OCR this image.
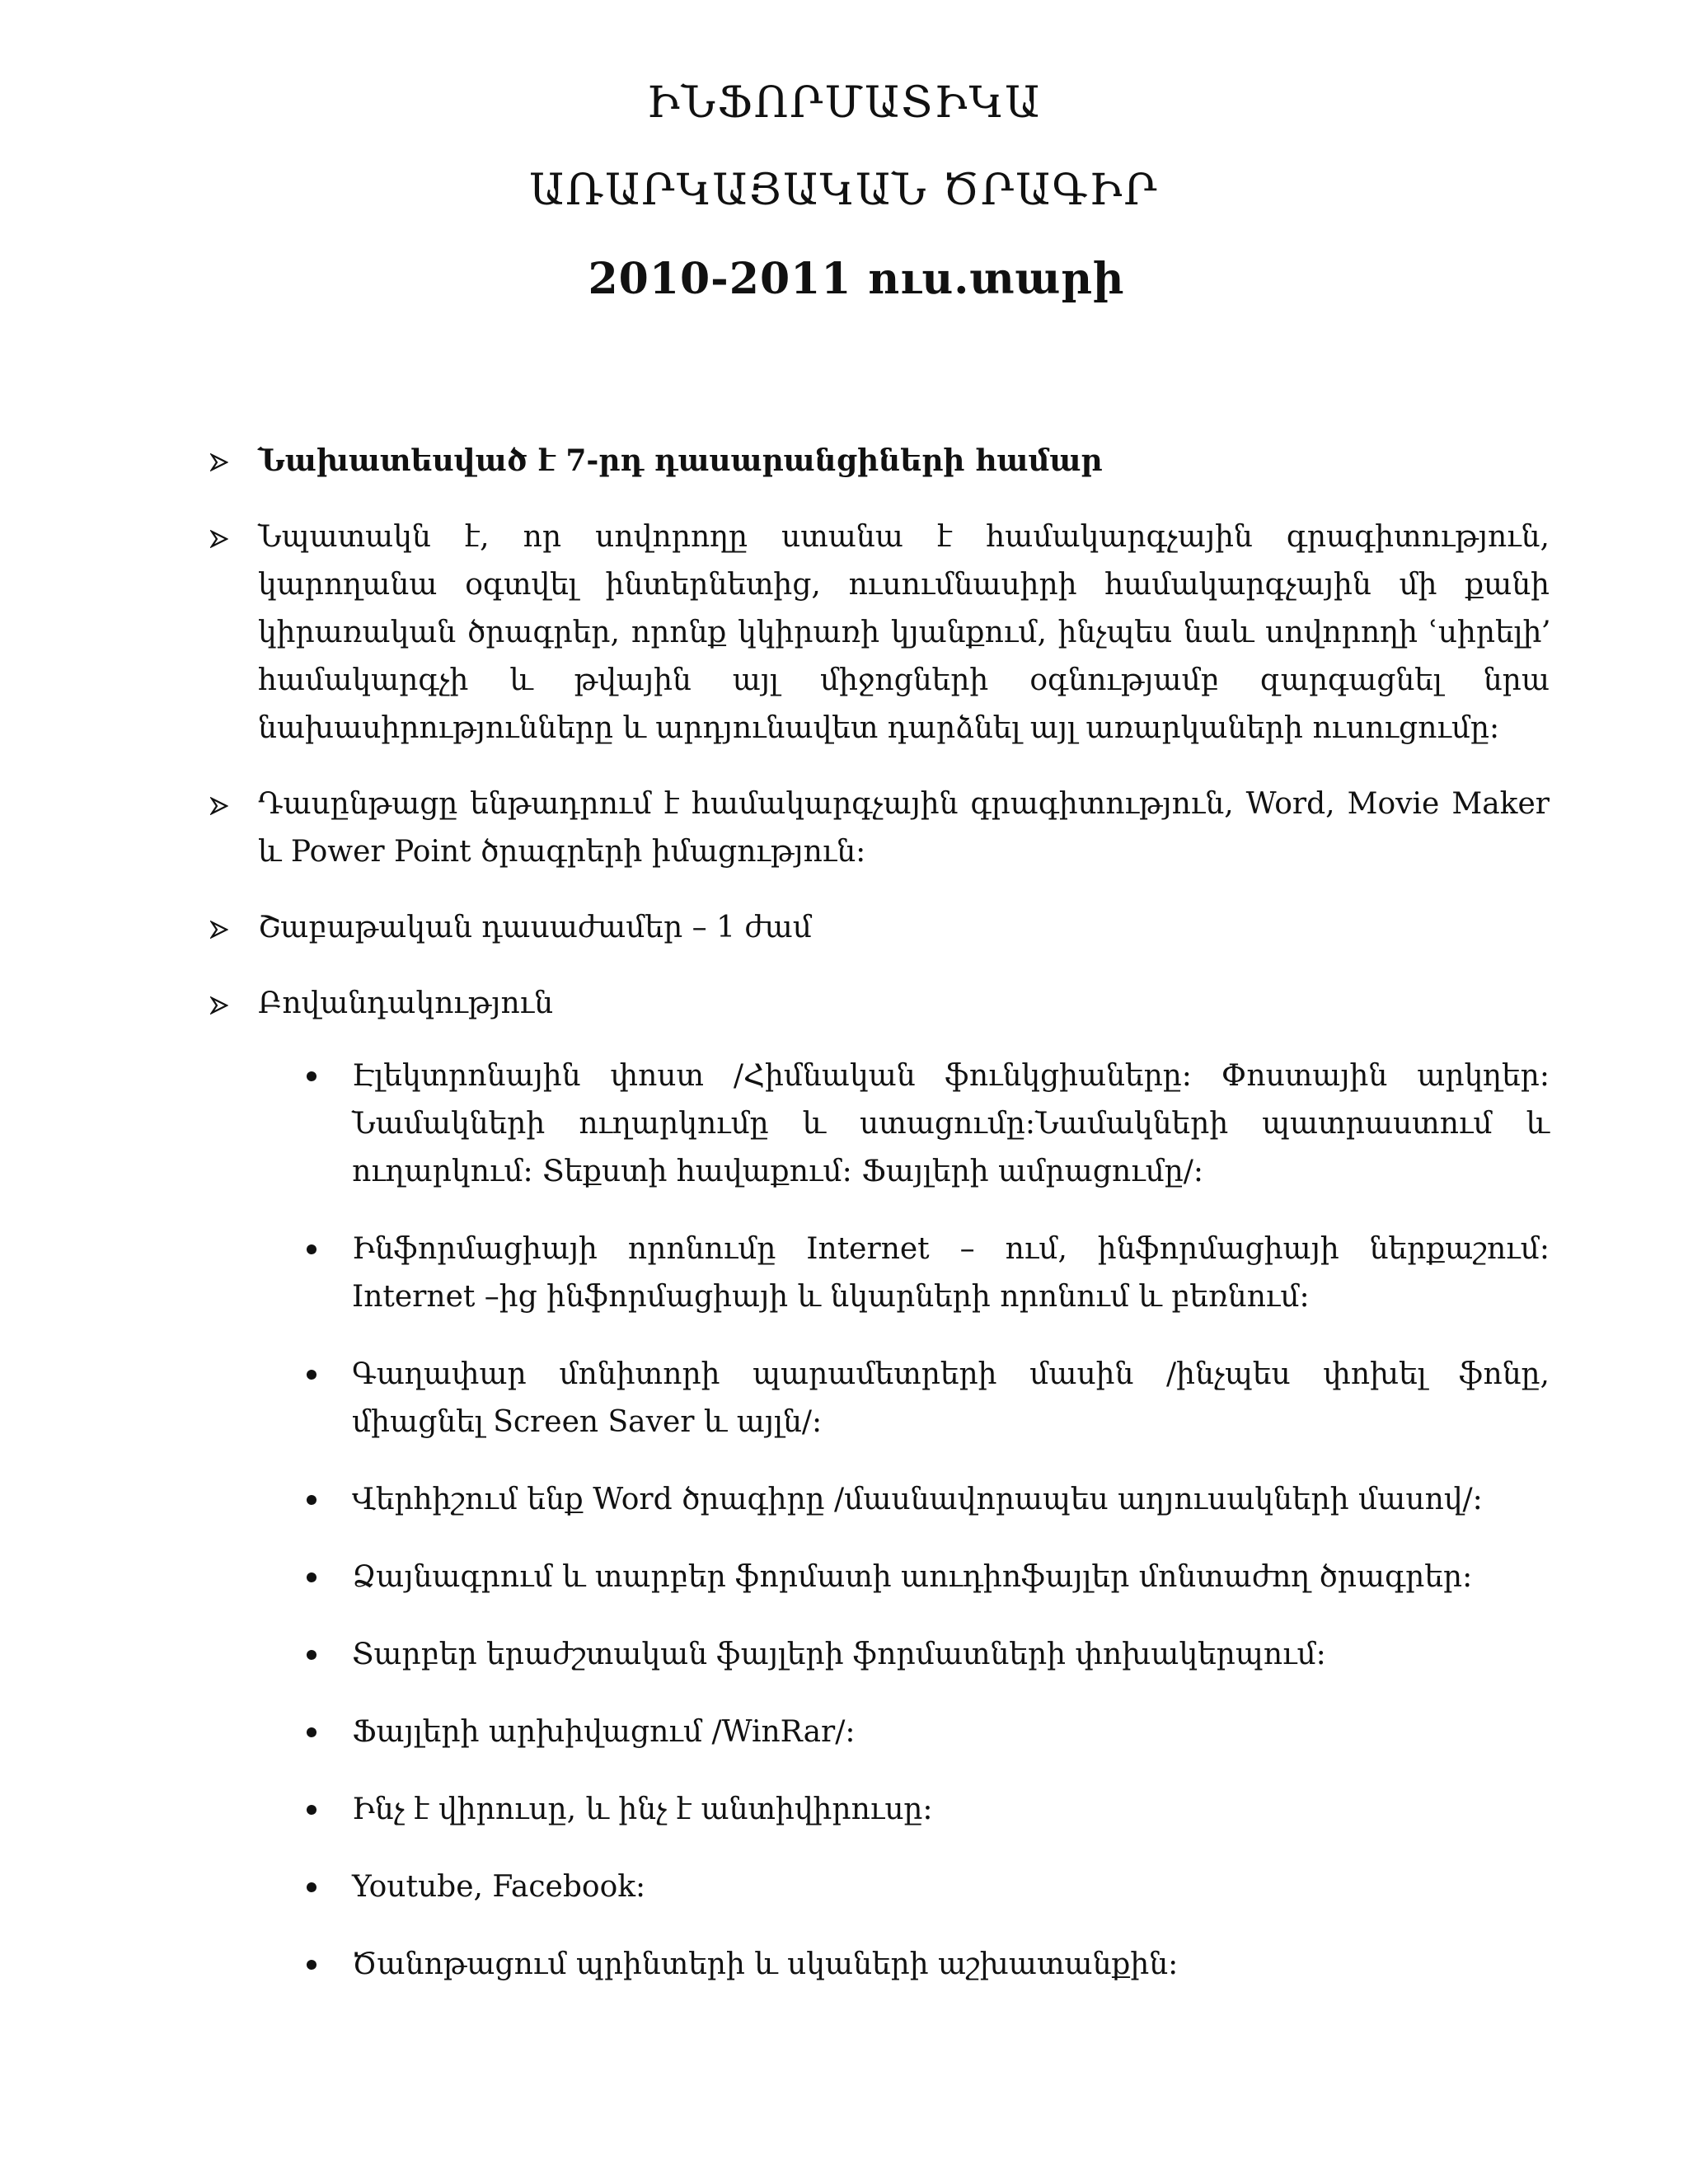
ԻՆՖՈՐՄԱՏԻԿԱ
ԱՌԱՐԿԱՅԱԿԱՆ ԾՐԱԳԻՐ
2010-2011 ուս.տարի
Նախատեսված է 7-րդ դասարանցիների համար
Նպատակն է, որ սովորողը ստանա է համակարգչային գրագիտություն, կարողանա օգտվել ինտերնետից, ուսումնասիրի համակարգչային մի քանի կիրառական ծրագրեր, որոնք կկիրառի կյանքում, ինչպես նաև սովորողի ՙսիրելի՚ համակարգչի և թվային այլ միջոցների օգնությամբ զարգացնել նրա նախասիրությունները և արդյունավետ դարձնել այլ առարկաների ուսուցումը։
Դասընթացը ենթադրում է համակարգչային գրագիտություն, Word, Movie Maker և Power Point ծրագրերի իմացություն:
Շաբաթական դասաժամեր – 1 ժամ
Բովանդակություն
Էլեկտրոնային փոստ /Հիմնական ֆունկցիաները: Փոստային արկղեր: Նամակների ուղարկումը և ստացումը:Նամակների պատրաստում և ուղարկում: Տեքստի հավաքում: Ֆայլերի ամրացումը/:
Ինֆորմացիայի որոնումը Internet – ում, ինֆորմացիայի ներքաշում: Internet –ից ինֆորմացիայի և նկարների որոնում և բեռնում:
Գաղափար մոնիտորի պարամետրերի մասին /ինչպես փոխել ֆոնը, միացնել Screen Saver և այլն/:
Վերհիշում ենք Word ծրագիրը /մասնավորապես աղյուսակների մասով/:
Ձայնագրում և տարբեր ֆորմատի աուդիոֆայլեր մոնտաժող ծրագրեր:
Տարբեր երաժշտական ֆայլերի ֆորմատների փոխակերպում:
Ֆայլերի արխիվացում /WinRar/:
Ինչ է վիրուսը, և ինչ է անտիվիրուսը:
Youtube, Facebook:
Ծանոթացում պրինտերի և սկաների աշխատանքին:
